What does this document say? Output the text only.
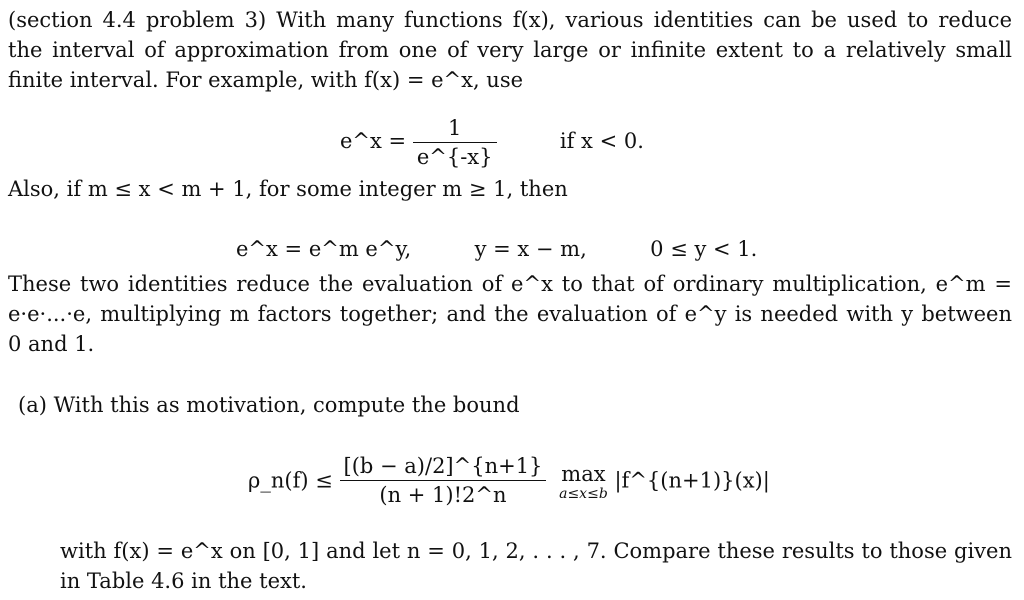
(section 4.4 problem 3) With many functions f(x), various identities can be used to reduce
the interval of approximation from one of very large or infinite extent to a relatively small
finite interval. For example, with f(x) = e^x, use

e^x = $\frac{1}{e\^{}\{-x\}}$	if x < 0.

Also, if m ≤ x < m + 1, for some integer m ≥ 1, then

e^x = e^m e^y,	y = x − m,	0 ≤ y < 1.

These two identities reduce the evaluation of e^x to that of ordinary multiplication, e^m =
e·e·...·e, multiplying m factors together; and the evaluation of e^y is needed with y between
0 and 1.

(a) With this as motivation, compute the bound

ρ_n(f) ≤ $\frac{[(b - a)/2]\^{}\{n+1\}}{(n + 1)!2\^{}n}$
max
a≤x≤b
|f^{(n+1)}(x)|

with f(x) = e^x on [0, 1] and let n = 0, 1, 2, . . . , 7. Compare these results to those given
in Table 4.6 in the text.
